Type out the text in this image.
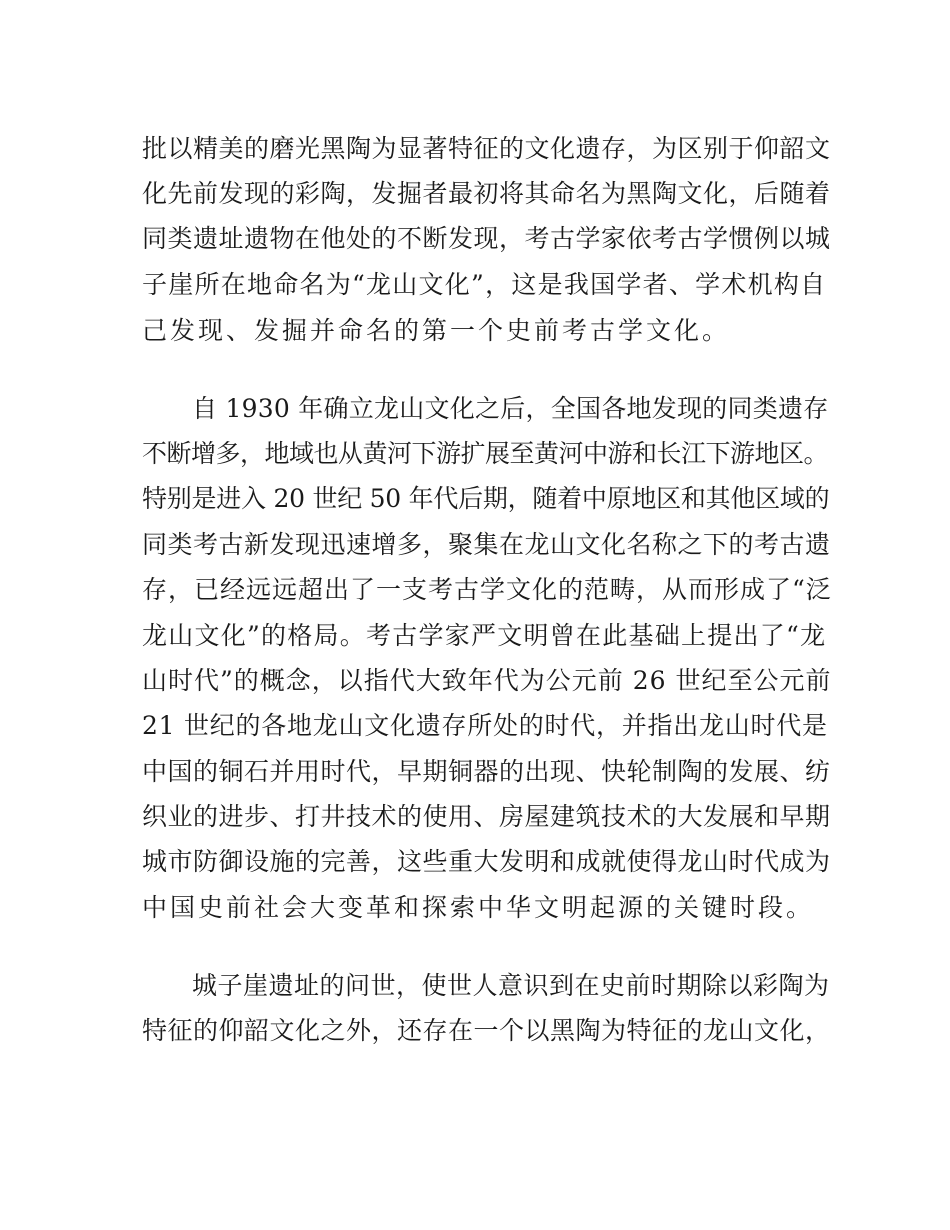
批以精美的磨光黑陶为显著特征的文化遗存，为区别于仰韶文
化先前发现的彩陶，发掘者最初将其命名为黑陶文化，后随着
同类遗址遗物在他处的不断发现，考古学家依考古学惯例以城
子崖所在地命名为“龙山文化”，这是我国学者、学术机构自
己发现、发掘并命名的第一个史前考古学文化。
自 1930 年确立龙山文化之后，全国各地发现的同类遗存
不断增多，地域也从黄河下游扩展至黄河中游和长江下游地区。
特别是进入 20 世纪 50 年代后期，随着中原地区和其他区域的
同类考古新发现迅速增多，聚集在龙山文化名称之下的考古遗
存，已经远远超出了一支考古学文化的范畴，从而形成了“泛
龙山文化”的格局。考古学家严文明曾在此基础上提出了“龙
山时代”的概念，以指代大致年代为公元前 26 世纪至公元前
21 世纪的各地龙山文化遗存所处的时代，并指出龙山时代是
中国的铜石并用时代，早期铜器的出现、快轮制陶的发展、纺
织业的进步、打井技术的使用、房屋建筑技术的大发展和早期
城市防御设施的完善，这些重大发明和成就使得龙山时代成为
中国史前社会大变革和探索中华文明起源的关键时段。
城子崖遗址的问世，使世人意识到在史前时期除以彩陶为
特征的仰韶文化之外，还存在一个以黑陶为特征的龙山文化，
